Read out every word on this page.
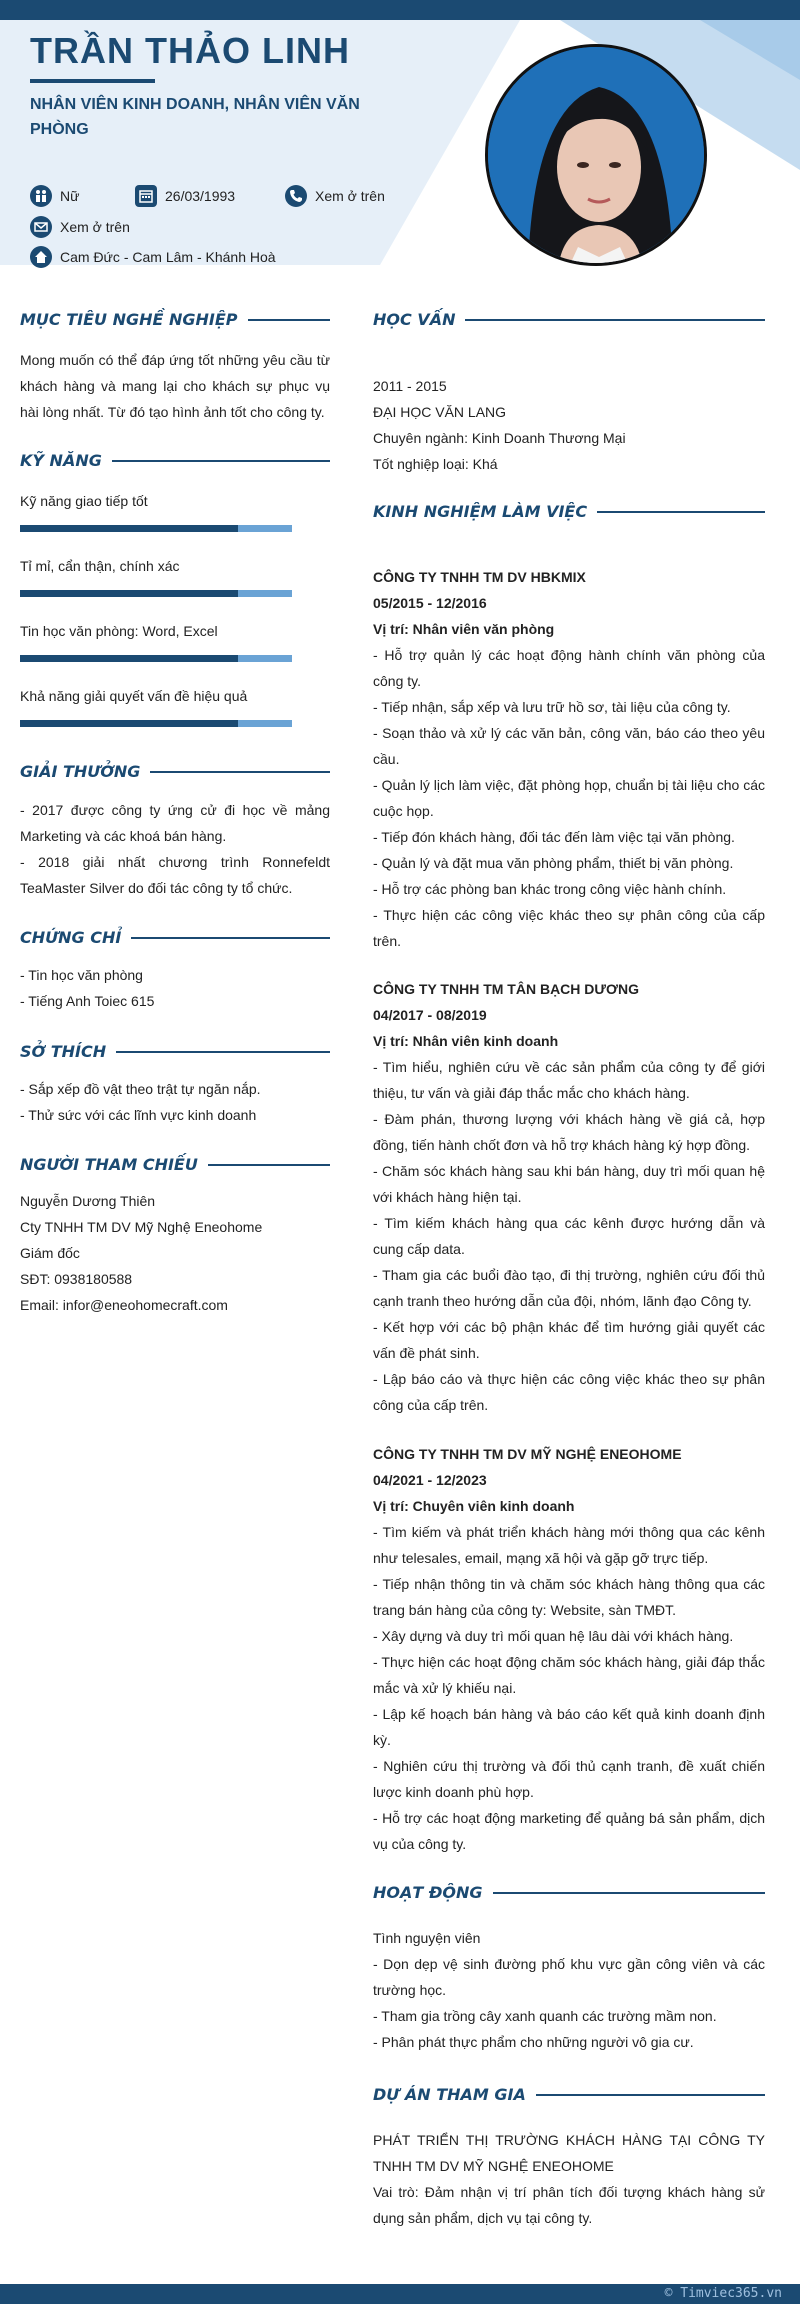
TRẦN THẢO LINH
NHÂN VIÊN KINH DOANH, NHÂN VIÊN VĂN PHÒNG
Nữ	26/03/1993	Xem ở trên
Xem ở trên
Cam Đức - Cam Lâm - Khánh Hoà
MỤC TIÊU NGHỀ NGHIỆP
Mong muốn có thể đáp ứng tốt những yêu cầu từ khách hàng và mang lại cho khách sự phục vụ hài lòng nhất. Từ đó tạo hình ảnh tốt cho công ty.
KỸ NĂNG
Kỹ năng giao tiếp tốt
Tỉ mỉ, cẩn thận, chính xác
Tin học văn phòng: Word, Excel
Khả năng giải quyết vấn đề hiệu quả
GIẢI THƯỞNG

- 2017 được công ty ứng cử đi học về mảng Marketing và các khoá bán hàng.

- 2018 giải nhất chương trình Ronnefeldt TeaMaster Silver do đối tác công ty tổ chức.

CHỨNG CHỈ

- Tin học văn phòng

- Tiếng Anh Toiec 615

SỞ THÍCH

- Sắp xếp đồ vật theo trật tự ngăn nắp.

- Thử sức với các lĩnh vực kinh doanh

NGƯỜI THAM CHIẾU

Nguyễn Dương Thiên

Cty TNHH TM DV Mỹ Nghệ Eneohome

Giám đốc

SĐT: 0938180588

Email: infor@eneohomecraft.com

HỌC VẤN

2011 - 2015

ĐẠI HỌC VĂN LANG

Chuyên ngành: Kinh Doanh Thương Mại

Tốt nghiệp loại: Khá

KINH NGHIỆM LÀM VIỆC

CÔNG TY TNHH TM DV HBKMIX

05/2015 - 12/2016

Vị trí: Nhân viên văn phòng

- Hỗ trợ quản lý các hoạt động hành chính văn phòng của công ty.

- Tiếp nhận, sắp xếp và lưu trữ hồ sơ, tài liệu của công ty.

- Soạn thảo và xử lý các văn bản, công văn, báo cáo theo yêu cầu.

- Quản lý lịch làm việc, đặt phòng họp, chuẩn bị tài liệu cho các cuộc họp.

- Tiếp đón khách hàng, đối tác đến làm việc tại văn phòng.

- Quản lý và đặt mua văn phòng phẩm, thiết bị văn phòng.

- Hỗ trợ các phòng ban khác trong công việc hành chính.

- Thực hiện các công việc khác theo sự phân công của cấp trên.

CÔNG TY TNHH TM TÂN BẠCH DƯƠNG

04/2017 - 08/2019

Vị trí: Nhân viên kinh doanh

- Tìm hiểu, nghiên cứu về các sản phẩm của công ty để giới thiệu, tư vấn và giải đáp thắc mắc cho khách hàng.

- Đàm phán, thương lượng với khách hàng về giá cả, hợp đồng, tiến hành chốt đơn và hỗ trợ khách hàng ký hợp đồng.

- Chăm sóc khách hàng sau khi bán hàng, duy trì mối quan hệ với khách hàng hiện tại.

- Tìm kiếm khách hàng qua các kênh được hướng dẫn và cung cấp data.

- Tham gia các buổi đào tạo, đi thị trường, nghiên cứu đối thủ cạnh tranh theo hướng dẫn của đội, nhóm, lãnh đạo Công ty.

- Kết hợp với các bộ phận khác để tìm hướng giải quyết các vấn đề phát sinh.

- Lập báo cáo và thực hiện các công việc khác theo sự phân công của cấp trên.

CÔNG TY TNHH TM DV MỸ NGHỆ ENEOHOME

04/2021 - 12/2023

Vị trí: Chuyên viên kinh doanh

- Tìm kiếm và phát triển khách hàng mới thông qua các kênh như telesales, email, mạng xã hội và gặp gỡ trực tiếp.

- Tiếp nhận thông tin và chăm sóc khách hàng thông qua các trang bán hàng của công ty: Website, sàn TMĐT.

- Xây dựng và duy trì mối quan hệ lâu dài với khách hàng.

- Thực hiện các hoạt động chăm sóc khách hàng, giải đáp thắc mắc và xử lý khiếu nại.

- Lập kế hoạch bán hàng và báo cáo kết quả kinh doanh định kỳ.

- Nghiên cứu thị trường và đối thủ cạnh tranh, đề xuất chiến lược kinh doanh phù hợp.

- Hỗ trợ các hoạt động marketing để quảng bá sản phẩm, dịch vụ của công ty.

HOẠT ĐỘNG

Tình nguyện viên

- Dọn dẹp vệ sinh đường phố khu vực gần công viên và các trường học.

- Tham gia trồng cây xanh quanh các trường mầm non.

- Phân phát thực phẩm cho những người vô gia cư.

DỰ ÁN THAM GIA

PHÁT TRIỂN THỊ TRƯỜNG KHÁCH HÀNG TẠI CÔNG TY TNHH TM DV MỸ NGHỆ ENEOHOME

Vai trò: Đảm nhận vị trí phân tích đối tượng khách hàng sử dụng sản phẩm, dịch vụ tại công ty.

© Timviec365.vn
